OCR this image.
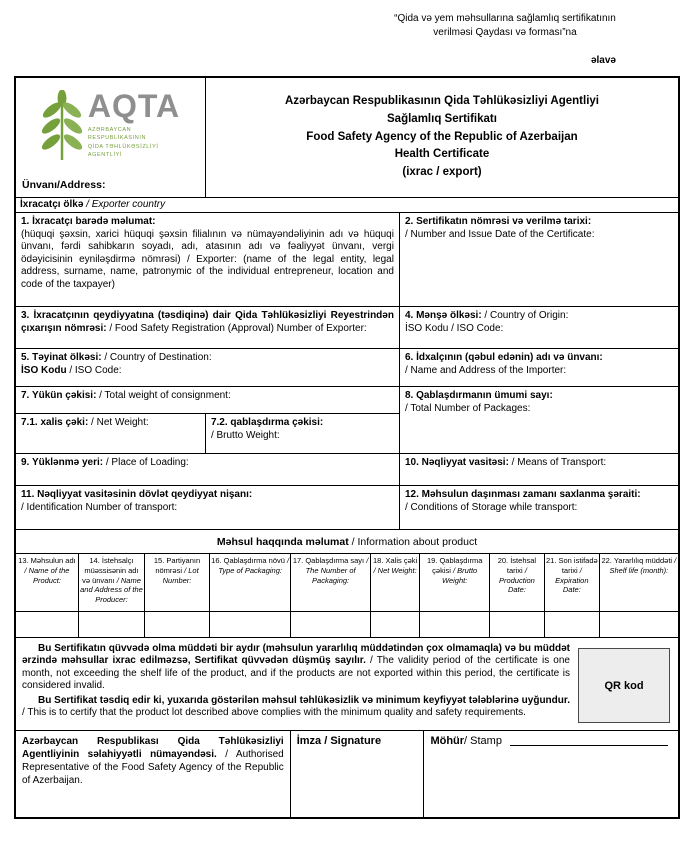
“Qida və yem məhsullarına sağlamlıq sertifikatının
verilməsi Qaydası və forması”na
əlavə
AQTA
AZƏRBAYCAN
RESPUBLİKASININ
QİDA TƏHLÜKƏSİZLİYİ
AGENTLİYİ
Ünvanı/Address:
Azərbaycan Respublikasının Qida Təhlükəsizliyi Agentliyi
Sağlamlıq Sertifikatı
Food Safety Agency of the Republic of Azerbaijan
Health Certificate
(ixrac / export)
İxracatçı ölkə / Exporter country
1. İxracatçı barədə məlumat:
(hüquqi şəxsin, xarici hüquqi şəxsin filialının və nümayəndəliyinin adı və hüquqi ünvanı, fərdi sahibkarın soyadı, adı, atasının adı və fəaliyyət ünvanı, vergi ödəyicisinin eyniləşdirmə nömrəsi) / Exporter: (name of the legal entity, legal address, surname, name, patronymic of the individual entrepreneur, location and code of the taxpayer)
2. Sertifikatın nömrəsi və verilmə tarixi:
/ Number and Issue Date of the Certificate:
3. İxracatçının qeydiyyatına (təsdiqinə) dair Qida Təhlükəsizliyi Reyestrindən çıxarışın nömrəsi: / Food Safety Registration (Approval) Number of Exporter:
4. Mənşə ölkəsi: / Country of Origin:
İSO Kodu / ISO Code:
5. Təyinat ölkəsi: / Country of Destination:
İSO Kodu / ISO Code:
6. İdxalçının (qəbul edənin) adı və ünvanı:
/ Name and Address of the Importer:
7. Yükün çəkisi: / Total weight of consignment:
7.1. xalis çəki: / Net Weight:	7.2. qablaşdırma çəkisi:
/ Brutto Weight:
8. Qablaşdırmanın ümumi sayı:
/ Total Number of Packages:
9. Yüklənmə yeri: / Place of Loading:	10. Nəqliyyat vasitəsi: / Means of Transport:
11. Nəqliyyat vasitəsinin dövlət qeydiyyat nişanı:
/ Identification Number of transport:
12. Məhsulun daşınması zamanı saxlanma şəraiti:
/ Conditions of Storage while transport:
Məhsul haqqında məlumat / Information about product
13. Məhsulun adı / Name of the Product:
14. İstehsalçı müəssisənin adı və ünvanı / Name and Address of the Producer:
15. Partiyanın nömrəsi / Lot Number:
16. Qablaşdırma növü / Type of Packaging:
17. Qablaşdırma sayı / The Number of Packaging:
18. Xalis çəki / Net Weight:
19. Qablaşdırma çəkisi / Brutto Weight:
20. İstehsal tarixi / Production Date:
21. Son istifadə tarixi / Expiration Date:
22. Yararlılıq müddəti / Shelf life (month):

Bu Sertifikatın qüvvədə olma müddəti bir aydır (məhsulun yararlılıq müddətindən çox olmamaqla) və bu müddət ərzində məhsullar ixrac edilməzsə, Sertifikat qüvvədən düşmüş sayılır. / The validity period of the certificate is one month, not exceeding the shelf life of the product, and if the products are not exported within this period, the certificate is considered invalid.

Bu Sertifikat təsdiq edir ki, yuxarıda göstərilən məhsul təhlükəsizlik və minimum keyfiyyət tələblərinə uyğundur. / This is to certify that the product lot described above complies with the minimum quality and safety requirements.

QR kod
Azərbaycan Respublikası Qida Təhlükəsizliyi Agentliyinin səlahiyyətli nümayəndəsi. / Authorised Representative of the Food Safety Agency of the Republic of Azerbaijan.
İmza / Signature	Möhür / Stamp
